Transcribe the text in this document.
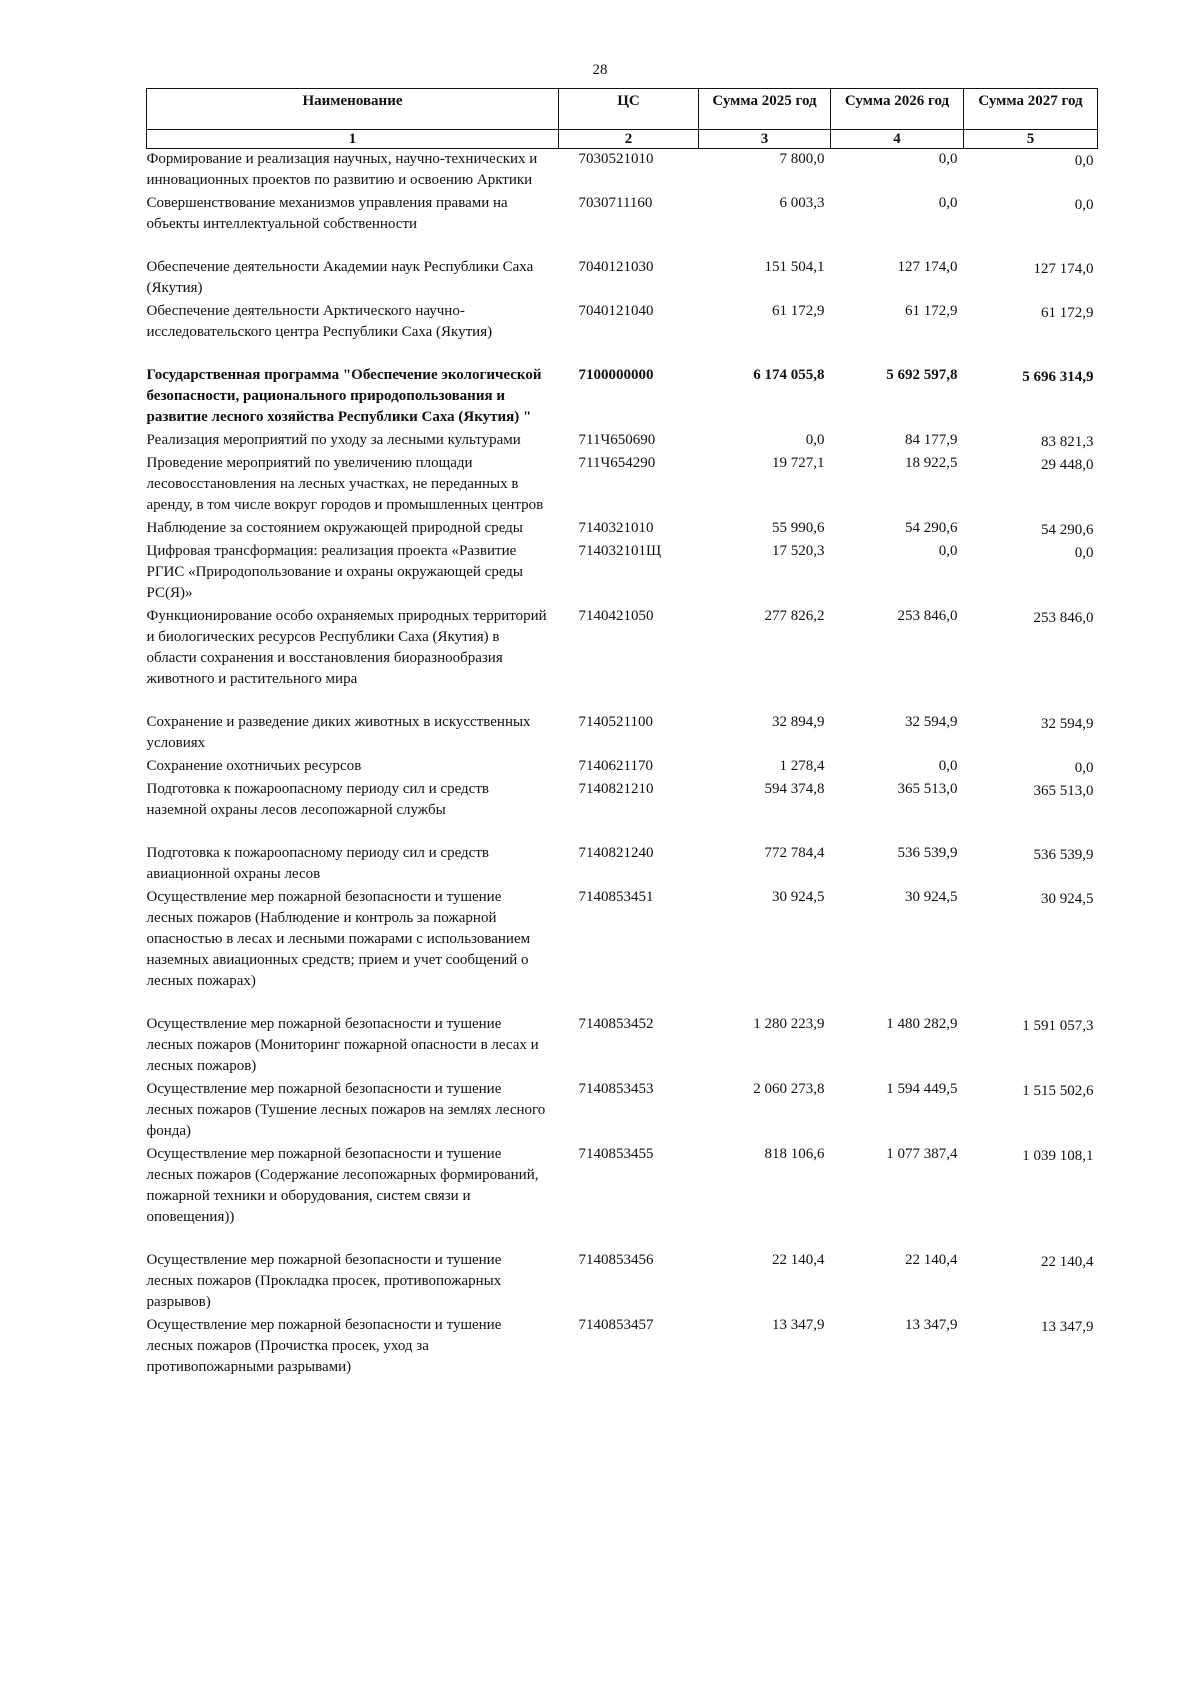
28
Наименование	ЦС	Сумма 2025 год	Сумма 2026 год	Сумма 2027 год
1	2	3	4	5
Формирование и реализация научных, научно-технических и инновационных проектов по развитию и освоению Арктики	7030521010	7 800,0	0,0	0,0
Совершенствование механизмов управления правами на объекты интеллектуальной собственности	7030711160	6 003,3	0,0	0,0
Обеспечение деятельности Академии наук Республики Саха (Якутия)	7040121030	151 504,1	127 174,0	127 174,0
Обеспечение деятельности Арктического научно-исследовательского центра Республики Саха (Якутия)	7040121040	61 172,9	61 172,9	61 172,9
Государственная программа "Обеспечение экологической безопасности, рационального природопользования и развитие лесного хозяйства Республики Саха (Якутия) "	7100000000	6 174 055,8	5 692 597,8	5 696 314,9
Реализация мероприятий по уходу за лесными культурами	711Ч650690	0,0	84 177,9	83 821,3
Проведение мероприятий по увеличению площади лесовосстановления на лесных участках, не переданных в аренду, в том числе вокруг городов и промышленных центров	711Ч654290	19 727,1	18 922,5	29 448,0
Наблюдение за состоянием окружающей природной среды	7140321010	55 990,6	54 290,6	54 290,6
Цифровая трансформация: реализация проекта «Развитие РГИС «Природопользование и охраны окружающей среды РС(Я)»	714032101Щ	17 520,3	0,0	0,0
Функционирование особо охраняемых природных территорий и биологических ресурсов Республики Саха (Якутия) в области сохранения и восстановления биоразнообразия животного и растительного мира	7140421050	277 826,2	253 846,0	253 846,0
Сохранение и разведение диких животных в искусственных условиях	7140521100	32 894,9	32 594,9	32 594,9
Сохранение охотничьих ресурсов	7140621170	1 278,4	0,0	0,0
Подготовка к пожароопасному периоду сил и средств наземной охраны лесов лесопожарной службы	7140821210	594 374,8	365 513,0	365 513,0
Подготовка к пожароопасному периоду сил и средств авиационной охраны лесов	7140821240	772 784,4	536 539,9	536 539,9
Осуществление мер пожарной безопасности и тушение лесных пожаров (Наблюдение и контроль за пожарной опасностью в лесах и лесными пожарами с использованием наземных авиационных средств; прием и учет сообщений о лесных пожарах)	7140853451	30 924,5	30 924,5	30 924,5
Осуществление мер пожарной безопасности и тушение лесных пожаров (Мониторинг пожарной опасности в лесах и лесных пожаров)	7140853452	1 280 223,9	1 480 282,9	1 591 057,3
Осуществление мер пожарной безопасности и тушение лесных пожаров (Тушение лесных пожаров на землях лесного фонда)	7140853453	2 060 273,8	1 594 449,5	1 515 502,6
Осуществление мер пожарной безопасности и тушение лесных пожаров (Содержание лесопожарных формирований, пожарной техники и оборудования, систем связи и оповещения))	7140853455	818 106,6	1 077 387,4	1 039 108,1
Осуществление мер пожарной безопасности и тушение лесных пожаров (Прокладка просек, противопожарных разрывов)	7140853456	22 140,4	22 140,4	22 140,4
Осуществление мер пожарной безопасности и тушение лесных пожаров (Прочистка просек, уход за противопожарными разрывами)	7140853457	13 347,9	13 347,9	13 347,9
